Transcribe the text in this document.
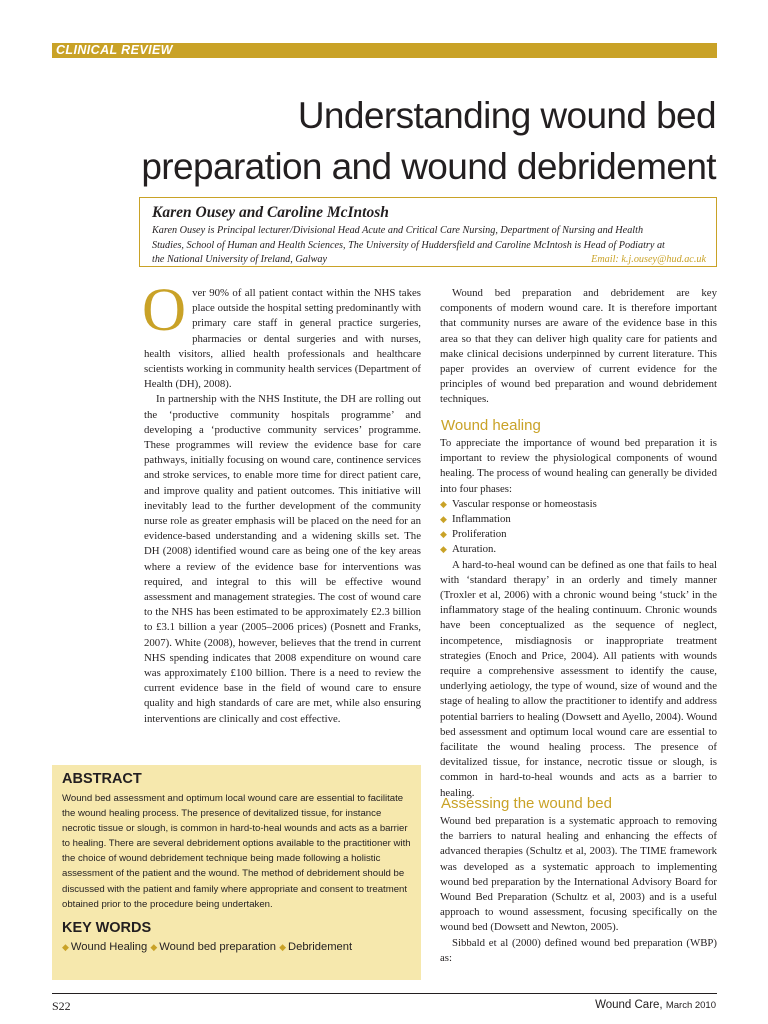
CLINICAL REVIEW
Understanding wound bed
preparation and wound debridement
Karen Ousey and Caroline McIntosh
Karen Ousey is Principal lecturer/Divisional Head Acute and Critical Care Nursing, Department of Nursing and Health
Studies, School of Human and Health Sciences, The University of Huddersfield and Caroline McIntosh is Head of Podiatry at
the National University of Ireland, Galway	Email: k.j.ousey@hud.ac.uk

Over 90% of all patient contact within the NHS takes place outside the hospital setting predominantly with primary care staff in general practice surgeries, pharmacies or dental surgeries and with nurses, health visitors, allied health professionals and healthcare scientists working in community health services (Department of Health (DH), 2008).

In partnership with the NHS Institute, the DH are rolling out the ‘productive community hospitals programme’ and developing a ‘productive community services’ programme. These programmes will review the evidence base for care pathways, initially focusing on wound care, continence services and stroke services, to enable more time for direct patient care, and improve quality and patient outcomes. This initiative will inevitably lead to the further development of the community nurse role as greater emphasis will be placed on the need for an evidence-based understanding and a widening skills set. The DH (2008) identified wound care as being one of the key areas where a review of the evidence base for interventions was required, and integral to this will be effective wound assessment and management strategies. The cost of wound care to the NHS has been estimated to be approximately £2.3 billion to £3.1 billion a year (2005–2006 prices) (Posnett and Franks, 2007). White (2008), however, believes that the trend in current NHS spending indicates that 2008 expenditure on wound care was approximately £100 billion. There is a need to review the current evidence base in the field of wound care to ensure quality and high standards of care are met, while also ensuring interventions are clinically and cost effective.

Wound bed preparation and debridement are key components of modern wound care. It is therefore important that community nurses are aware of the evidence base in this area so that they can deliver high quality care for patients and make clinical decisions underpinned by current literature. This paper provides an overview of current evidence for the principles of wound bed preparation and wound debridement techniques.

Wound healing

To appreciate the importance of wound bed preparation it is important to review the physiological components of wound healing. The process of wound healing can generally be divided into four phases:

◆ Vascular response or homeostasis
◆ Inflammation
◆ Proliferation
◆ Aturation.

A hard-to-heal wound can be defined as one that fails to heal with ‘standard therapy’ in an orderly and timely manner (Troxler et al, 2006) with a chronic wound being ‘stuck’ in the inflammatory stage of the healing continuum. Chronic wounds have been conceptualized as the sequence of neglect, incompetence, misdiagnosis or inappropriate treatment strategies (Enoch and Price, 2004). All patients with wounds require a comprehensive assessment to identify the cause, underlying aetiology, the type of wound, size of wound and the stage of healing to allow the practitioner to identify and address potential barriers to healing (Dowsett and Ayello, 2004). Wound bed assessment and optimum local wound care are essential to facilitate the wound healing process. The presence of devitalized tissue, for instance, necrotic tissue or slough, is common in hard-to-heal wounds and acts as a barrier to healing.

Assessing the wound bed

Wound bed preparation is a systematic approach to removing the barriers to natural healing and enhancing the effects of advanced therapies (Schultz et al, 2003). The TIME framework was developed as a systematic approach to implementing wound bed preparation by the International Advisory Board for Wound Bed Preparation (Schultz et al, 2003) and is a useful approach to wound assessment, focusing specifically on the wound bed (Dowsett and Newton, 2005).

Sibbald et al (2000) defined wound bed preparation (WBP) as:

ABSTRACT
Wound bed assessment and optimum local wound care are essential to facilitate the wound healing process. The presence of devitalized tissue, for instance necrotic tissue or slough, is common in hard-to-heal wounds and acts as a barrier to healing. There are several debridement options available to the practitioner with the choice of wound debridement technique being made following a holistic assessment of the patient and the wound. The method of debridement should be discussed with the patient and family where appropriate and consent to treatment obtained prior to the procedure being undertaken.
KEY WORDS
◆ Wound Healing ◆ Wound bed preparation ◆ Debridement
S22	Wound Care, March 2010
